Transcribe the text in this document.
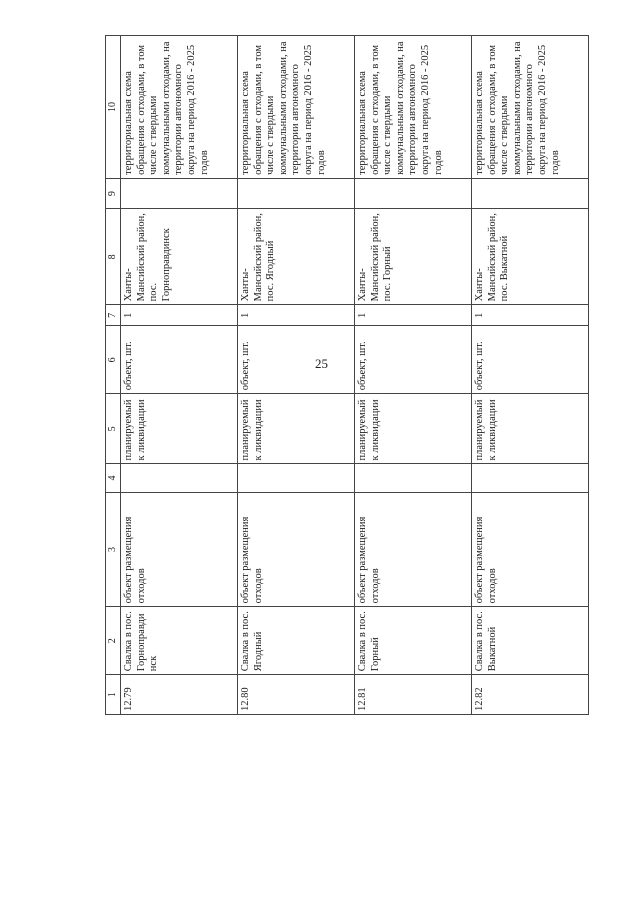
25
1	2	3	4	5	6	7	8	9	10
12.79	Свалка в пос. Горноправдинск	объект размещения отходов		планируемый к ликвидации	объект, шт.	1	Ханты-Мансийский район, пос. Горноправдинск		территориальная схема обращения с отходами, в том числе с твердыми коммунальными отходами, на территории автономного округа на период 2016 - 2025 годов
12.80	Свалка в пос. Ягодный	объект размещения отходов		планируемый к ликвидации	объект, шт.	1	Ханты-Мансийский район, пос. Ягодный		территориальная схема обращения с отходами, в том числе с твердыми коммунальными отходами, на территории автономного округа на период 2016 - 2025 годов
12.81	Свалка в пос. Горный	объект размещения отходов		планируемый к ликвидации	объект, шт.	1	Ханты-Мансийский район, пос. Горный		территориальная схема обращения с отходами, в том числе с твердыми коммунальными отходами, на территории автономного округа на период 2016 - 2025 годов
12.82	Свалка в пос. Выкатной	объект размещения отходов		планируемый к ликвидации	объект, шт.	1	Ханты-Мансийский район, пос. Выкатной		территориальная схема обращения с отходами, в том числе с твердыми коммунальными отходами, на территории автономного округа на период 2016 - 2025 годов
